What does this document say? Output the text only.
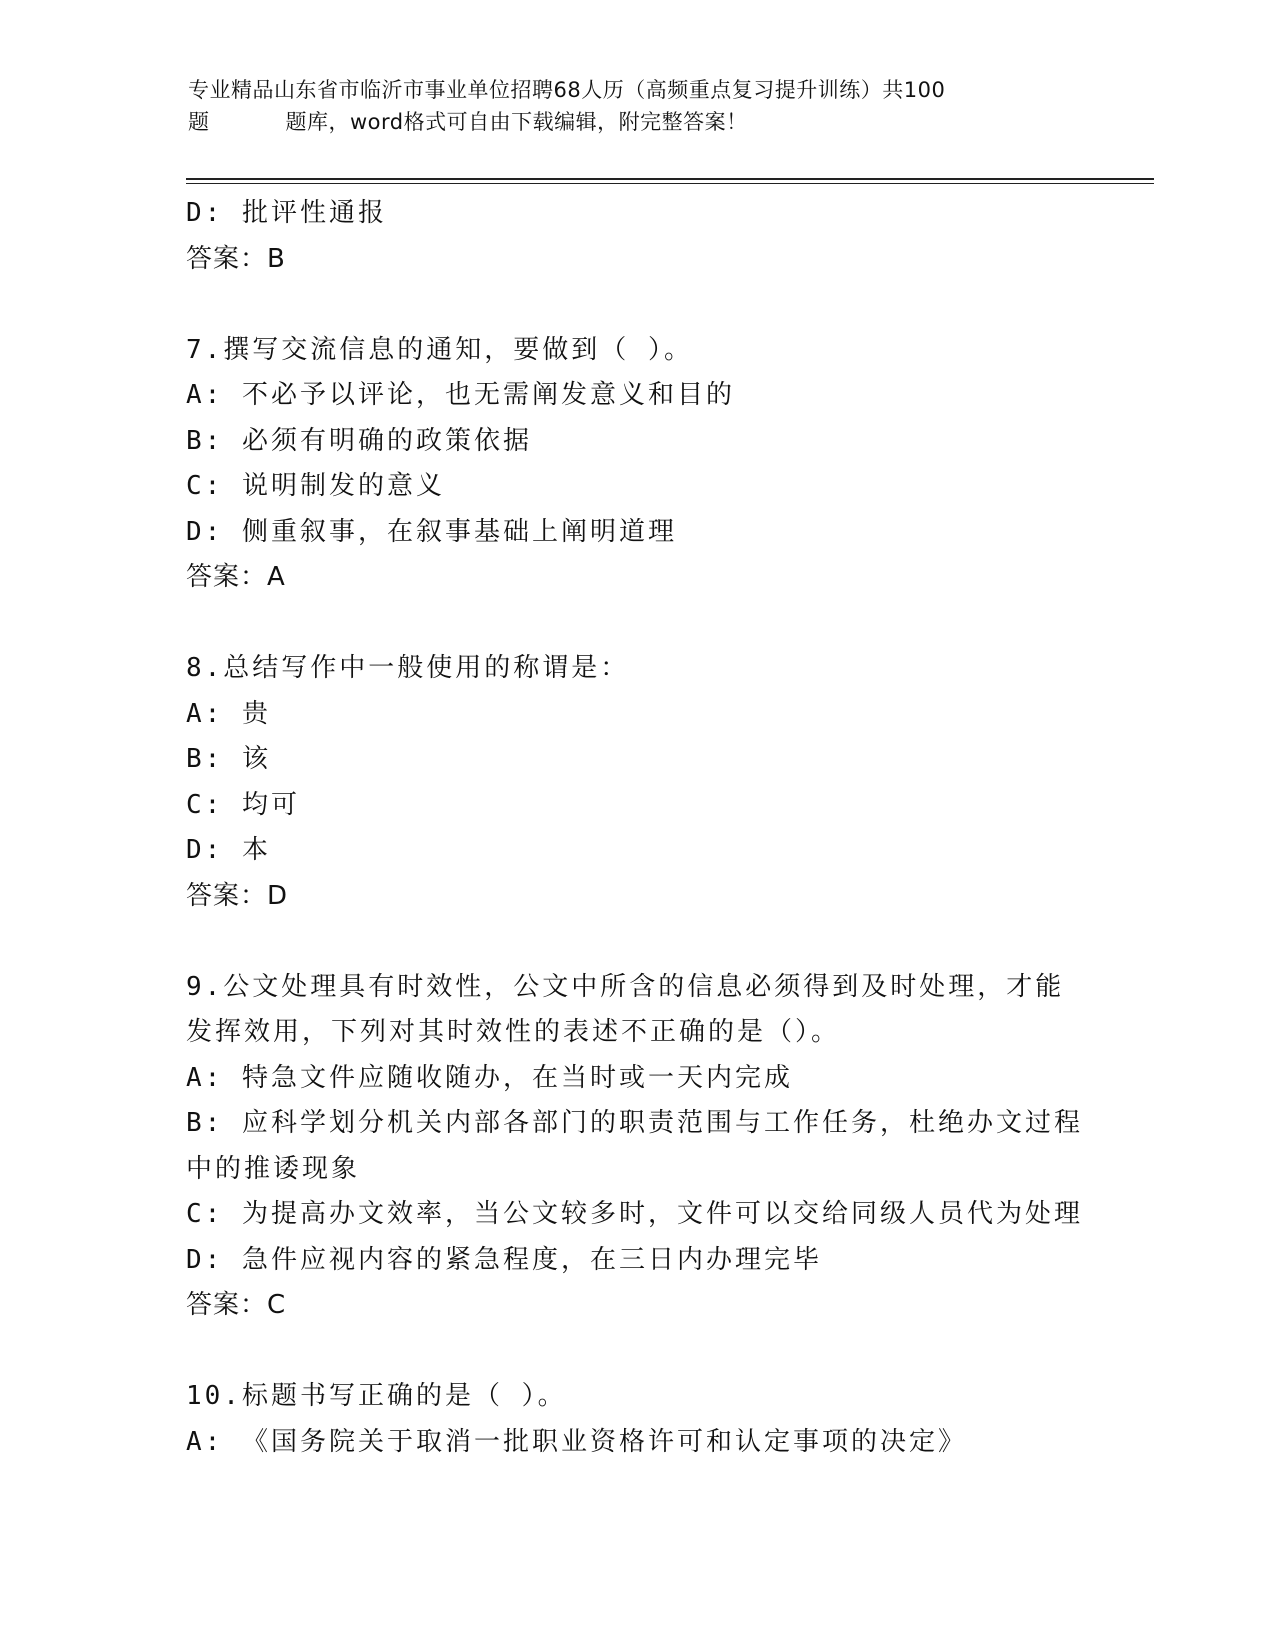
专业精品山东省市临沂市事业单位招聘68人历（高频重点复习提升训练）共100
题	题库，word格式可自由下载编辑，附完整答案！
D: 批评性通报
答案：B
7.撰写交流信息的通知，要做到（ ）。
A: 不必予以评论，也无需阐发意义和目的
B: 必须有明确的政策依据
C: 说明制发的意义
D: 侧重叙事，在叙事基础上阐明道理
答案：A
8.总结写作中一般使用的称谓是：
A: 贵
B: 该
C: 均可
D: 本
答案：D
9.公文处理具有时效性，公文中所含的信息必须得到及时处理，才能
发挥效用，下列对其时效性的表述不正确的是（）。
A: 特急文件应随收随办，在当时或一天内完成
B: 应科学划分机关内部各部门的职责范围与工作任务，杜绝办文过程
中的推诿现象
C: 为提高办文效率，当公文较多时，文件可以交给同级人员代为处理
D: 急件应视内容的紧急程度，在三日内办理完毕
答案：C
10.标题书写正确的是（ ）。
A: 《国务院关于取消一批职业资格许可和认定事项的决定》
